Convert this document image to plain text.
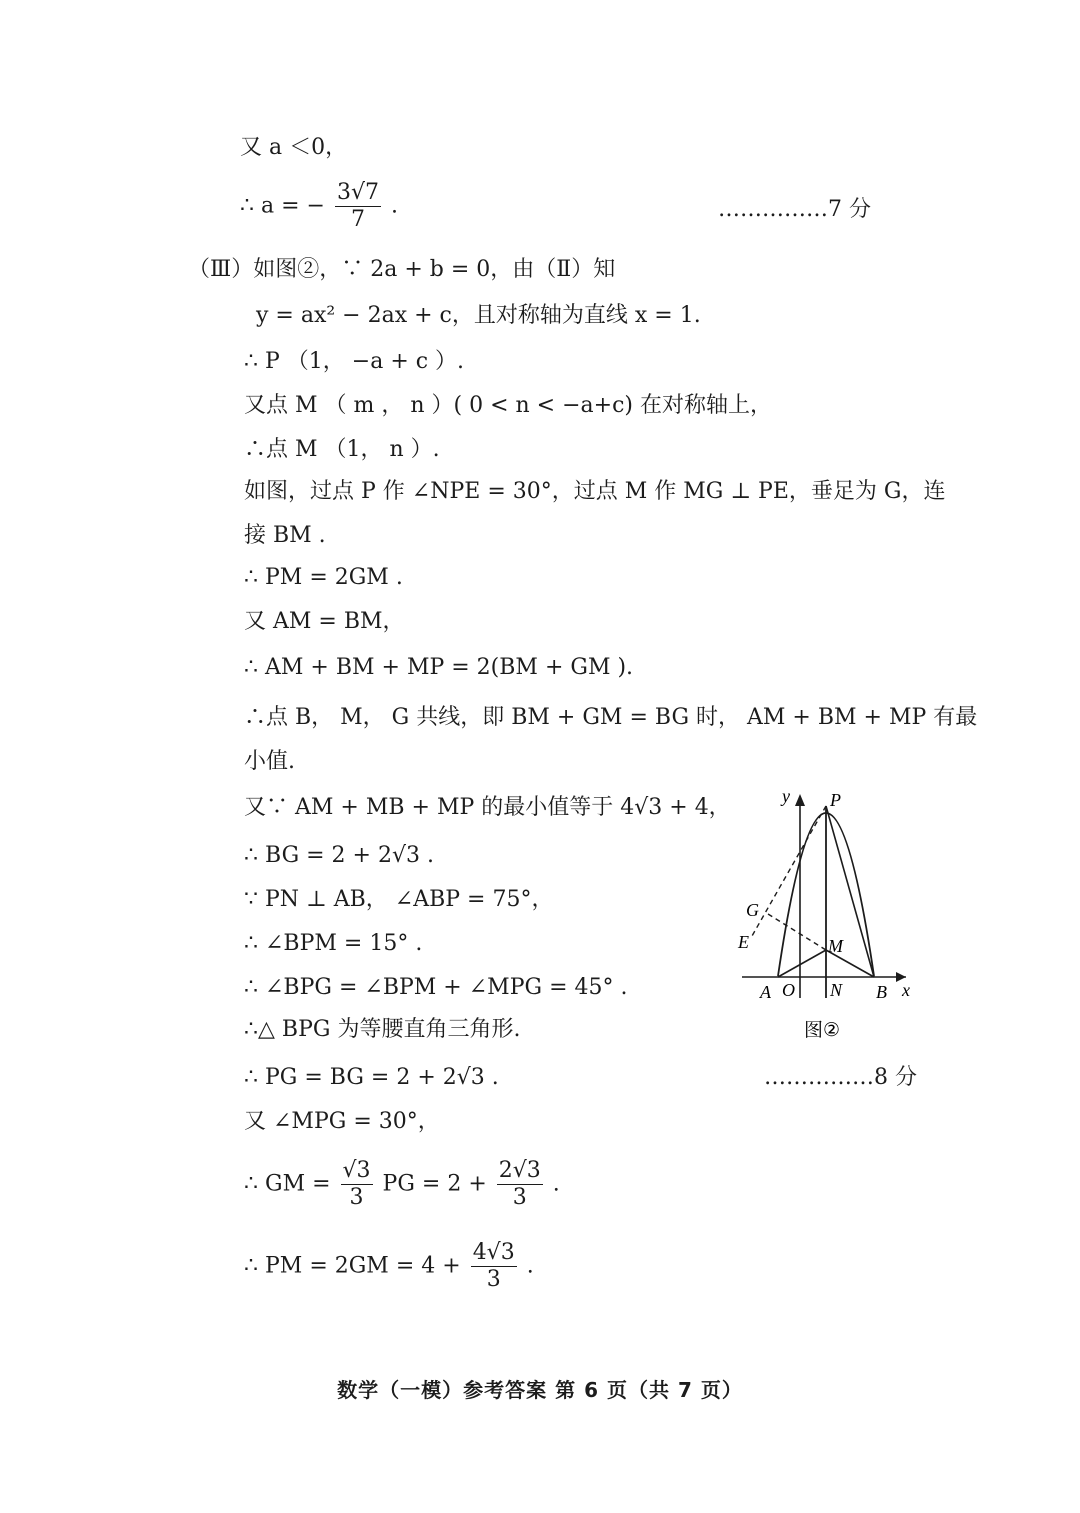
又 a ＜0，
∴ a = − $\frac{3√7}{7}$ .	……………7 分
（Ⅲ）如图②，∵ 2a + b = 0，由（Ⅱ）知
y = ax² − 2ax + c，且对称轴为直线 x = 1.
∴ P （1， −a + c ）.
又点 M （ m ， n ）( 0 < n < −a+c) 在对称轴上，
∴点 M （1， n ）.
如图，过点 P 作 ∠NPE = 30°，过点 M 作 MG ⊥ PE，垂足为 G，连
接 BM .
∴ PM = 2GM .
又 AM = BM，
∴ AM + BM + MP = 2(BM + GM ).
∴点 B， M， G 共线，即 BM + GM = BG 时， AM + BM + MP 有最
小值.
又∵ AM + MB + MP 的最小值等于 4√3 + 4，
∴ BG = 2 + 2√3 .
∵ PN ⊥ AB， ∠ABP = 75°，
∴ ∠BPM = 15° .
∴ ∠BPG = ∠BPM + ∠MPG = 45° .
∴△ BPG 为等腰直角三角形.
∴ PG = BG = 2 + 2√3 .	……………8 分
又 ∠MPG = 30°，
∴ GM = $\frac{√3}{3}$ PG = $2 + \frac{2√3}{3}$ .
∴ PM = $2GM = 4 + \frac{4√3}{3}$ .
y P
G
E	M
A O N B x
图②
数学（一模）参考答案 第 6 页（共 7 页）
